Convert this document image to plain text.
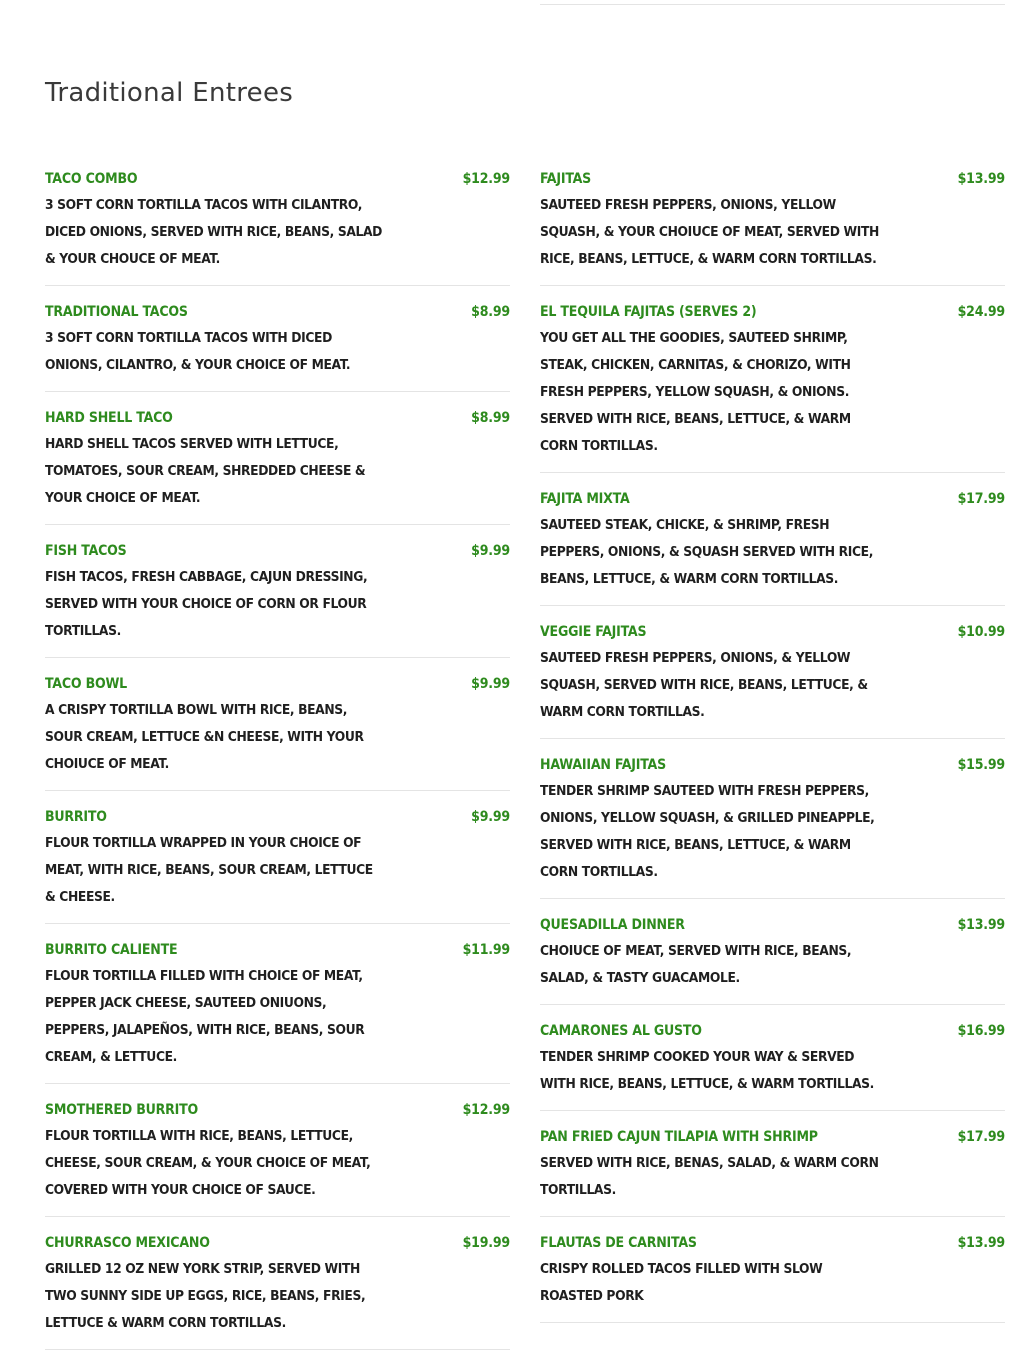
Traditional Entrees
TACO COMBO	$12.99
3 SOFT CORN TORTILLA TACOS WITH CILANTRO, DICED ONIONS, SERVED WITH RICE, BEANS, SALAD & YOUR CHOUCE OF MEAT.
TRADITIONAL TACOS	$8.99
3 SOFT CORN TORTILLA TACOS WITH DICED ONIONS, CILANTRO, & YOUR CHOICE OF MEAT.
HARD SHELL TACO	$8.99
HARD SHELL TACOS SERVED WITH LETTUCE, TOMATOES, SOUR CREAM, SHREDDED CHEESE & YOUR CHOICE OF MEAT.
FISH TACOS	$9.99
FISH TACOS, FRESH CABBAGE, CAJUN DRESSING, SERVED WITH YOUR CHOICE OF CORN OR FLOUR TORTILLAS.
TACO BOWL	$9.99
A CRISPY TORTILLA BOWL WITH RICE, BEANS, SOUR CREAM, LETTUCE &N CHEESE, WITH YOUR CHOIUCE OF MEAT.
BURRITO	$9.99
FLOUR TORTILLA WRAPPED IN YOUR CHOICE OF MEAT, WITH RICE, BEANS, SOUR CREAM, LETTUCE & CHEESE.
BURRITO CALIENTE	$11.99
FLOUR TORTILLA FILLED WITH CHOICE OF MEAT, PEPPER JACK CHEESE, SAUTEED ONIUONS, PEPPERS, JALAPEÑOS, WITH RICE, BEANS, SOUR CREAM, & LETTUCE.
SMOTHERED BURRITO	$12.99
FLOUR TORTILLA WITH RICE, BEANS, LETTUCE, CHEESE, SOUR CREAM, & YOUR CHOICE OF MEAT, COVERED WITH YOUR CHOICE OF SAUCE.
CHURRASCO MEXICANO	$19.99
GRILLED 12 OZ NEW YORK STRIP, SERVED WITH TWO SUNNY SIDE UP EGGS, RICE, BEANS, FRIES, LETTUCE & WARM CORN TORTILLAS.
FAJITAS	$13.99
SAUTEED FRESH PEPPERS, ONIONS, YELLOW SQUASH, & YOUR CHOIUCE OF MEAT, SERVED WITH RICE, BEANS, LETTUCE, & WARM CORN TORTILLAS.
EL TEQUILA FAJITAS (SERVES 2)	$24.99
YOU GET ALL THE GOODIES, SAUTEED SHRIMP, STEAK, CHICKEN, CARNITAS, & CHORIZO, WITH FRESH PEPPERS, YELLOW SQUASH, & ONIONS. SERVED WITH RICE, BEANS, LETTUCE, & WARM CORN TORTILLAS.
FAJITA MIXTA	$17.99
SAUTEED STEAK, CHICKE, & SHRIMP, FRESH PEPPERS, ONIONS, & SQUASH SERVED WITH RICE, BEANS, LETTUCE, & WARM CORN TORTILLAS.
VEGGIE FAJITAS	$10.99
SAUTEED FRESH PEPPERS, ONIONS, & YELLOW SQUASH, SERVED WITH RICE, BEANS, LETTUCE, & WARM CORN TORTILLAS.
HAWAIIAN FAJITAS	$15.99
TENDER SHRIMP SAUTEED WITH FRESH PEPPERS, ONIONS, YELLOW SQUASH, & GRILLED PINEAPPLE, SERVED WITH RICE, BEANS, LETTUCE, & WARM CORN TORTILLAS.
QUESADILLA DINNER	$13.99
CHOIUCE OF MEAT, SERVED WITH RICE, BEANS, SALAD, & TASTY GUACAMOLE.
CAMARONES AL GUSTO	$16.99
TENDER SHRIMP COOKED YOUR WAY & SERVED WITH RICE, BEANS, LETTUCE, & WARM TORTILLAS.
PAN FRIED CAJUN TILAPIA WITH SHRIMP	$17.99
SERVED WITH RICE, BENAS, SALAD, & WARM CORN TORTILLAS.
FLAUTAS DE CARNITAS	$13.99
CRISPY ROLLED TACOS FILLED WITH SLOW ROASTED PORK
